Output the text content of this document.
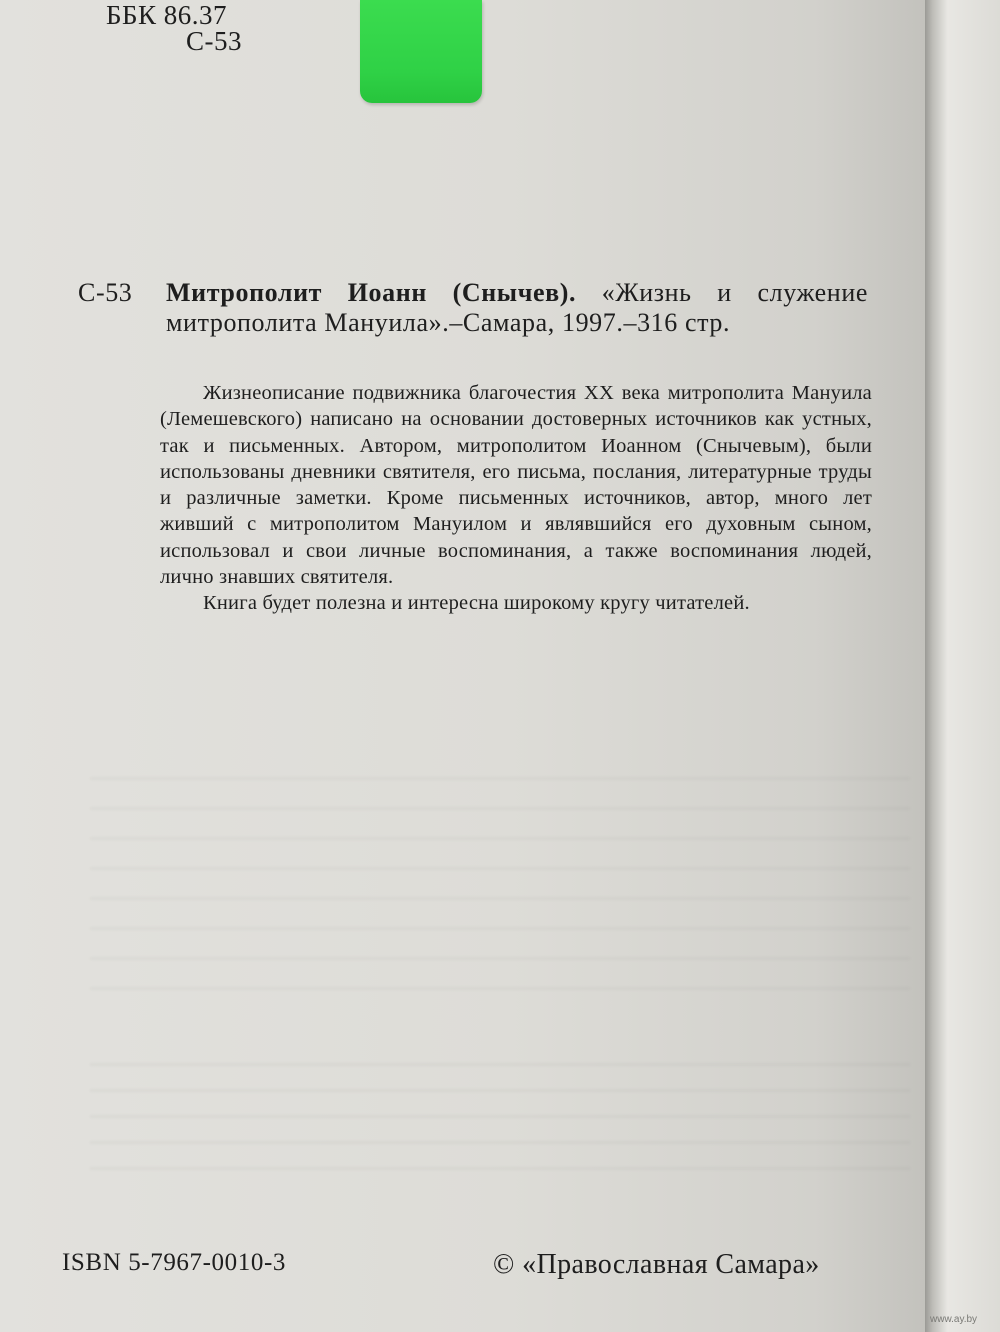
ББК 86.37
С-53
С-53	Митрополит Иоанн (Снычев). «Жизнь и служение митрополита Мануила».–Самара, 1997.–316 стр.

Жизнеописание подвижника благочестия XX века митрополита Мануила (Лемешевского) написано на основании достоверных источников как устных, так и письменных. Автором, митрополитом Иоанном (Снычевым), были использованы дневники святителя, его письма, послания, литературные труды и различные заметки. Кроме письменных источников, автор, много лет живший с митрополитом Мануилом и являвшийся его духовным сыном, использовал и свои личные воспоминания, а также воспоминания людей, лично знавших святителя.

Книга будет полезна и интересна широкому кругу читателей.

ISBN 5-7967-0010-3	© «Православная Самара»
www.ay.by
